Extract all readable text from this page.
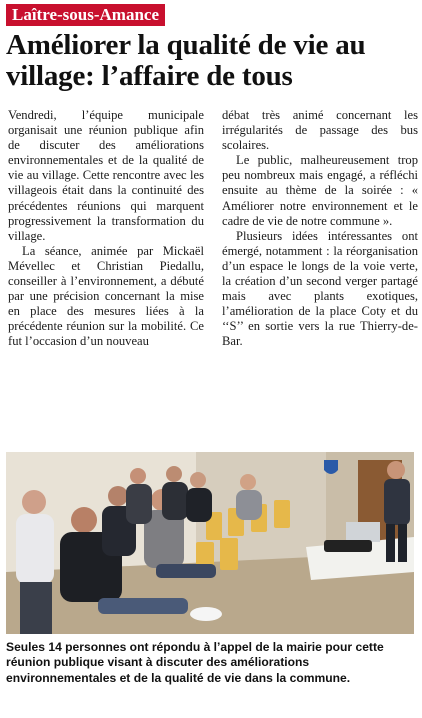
Laître-sous-Amance
Améliorer la qualité de vie au village: l’affaire de tous

Vendredi, l’équipe municipale organisait une réunion publique afin de discuter des améliorations environnementales et de la qualité de vie au village. Cette rencontre avec les villageois était dans la continuité des précédentes réunions qui marquent progressivement la transformation du village.

La séance, animée par Mickaël Mévellec et Christian Piedallu, conseiller à l’environnement, a débuté par une précision concernant la mise en place des mesures liées à la précédente réunion sur la mobilité. Ce fut l’occasion d’un nouveau

débat très animé concernant les irrégularités de passage des bus scolaires.

Le public, malheureusement trop peu nombreux mais engagé, a réfléchi ensuite au thème de la soirée : « Améliorer notre environnement et le cadre de vie de notre commune ».

Plusieurs idées intéressantes ont émergé, notamment : la réorganisation d’un espace le longs de la voie verte, la création d’un second verger partagé mais avec plants exotiques, l’amélioration de la place Coty et du ‘‘S’’ en sortie vers la rue Thierry-de-Bar.

Seules 14 personnes ont répondu à l’appel de la mairie pour cette réunion publique visant à discuter des améliorations environnementales et de la qualité de vie dans la commune.
